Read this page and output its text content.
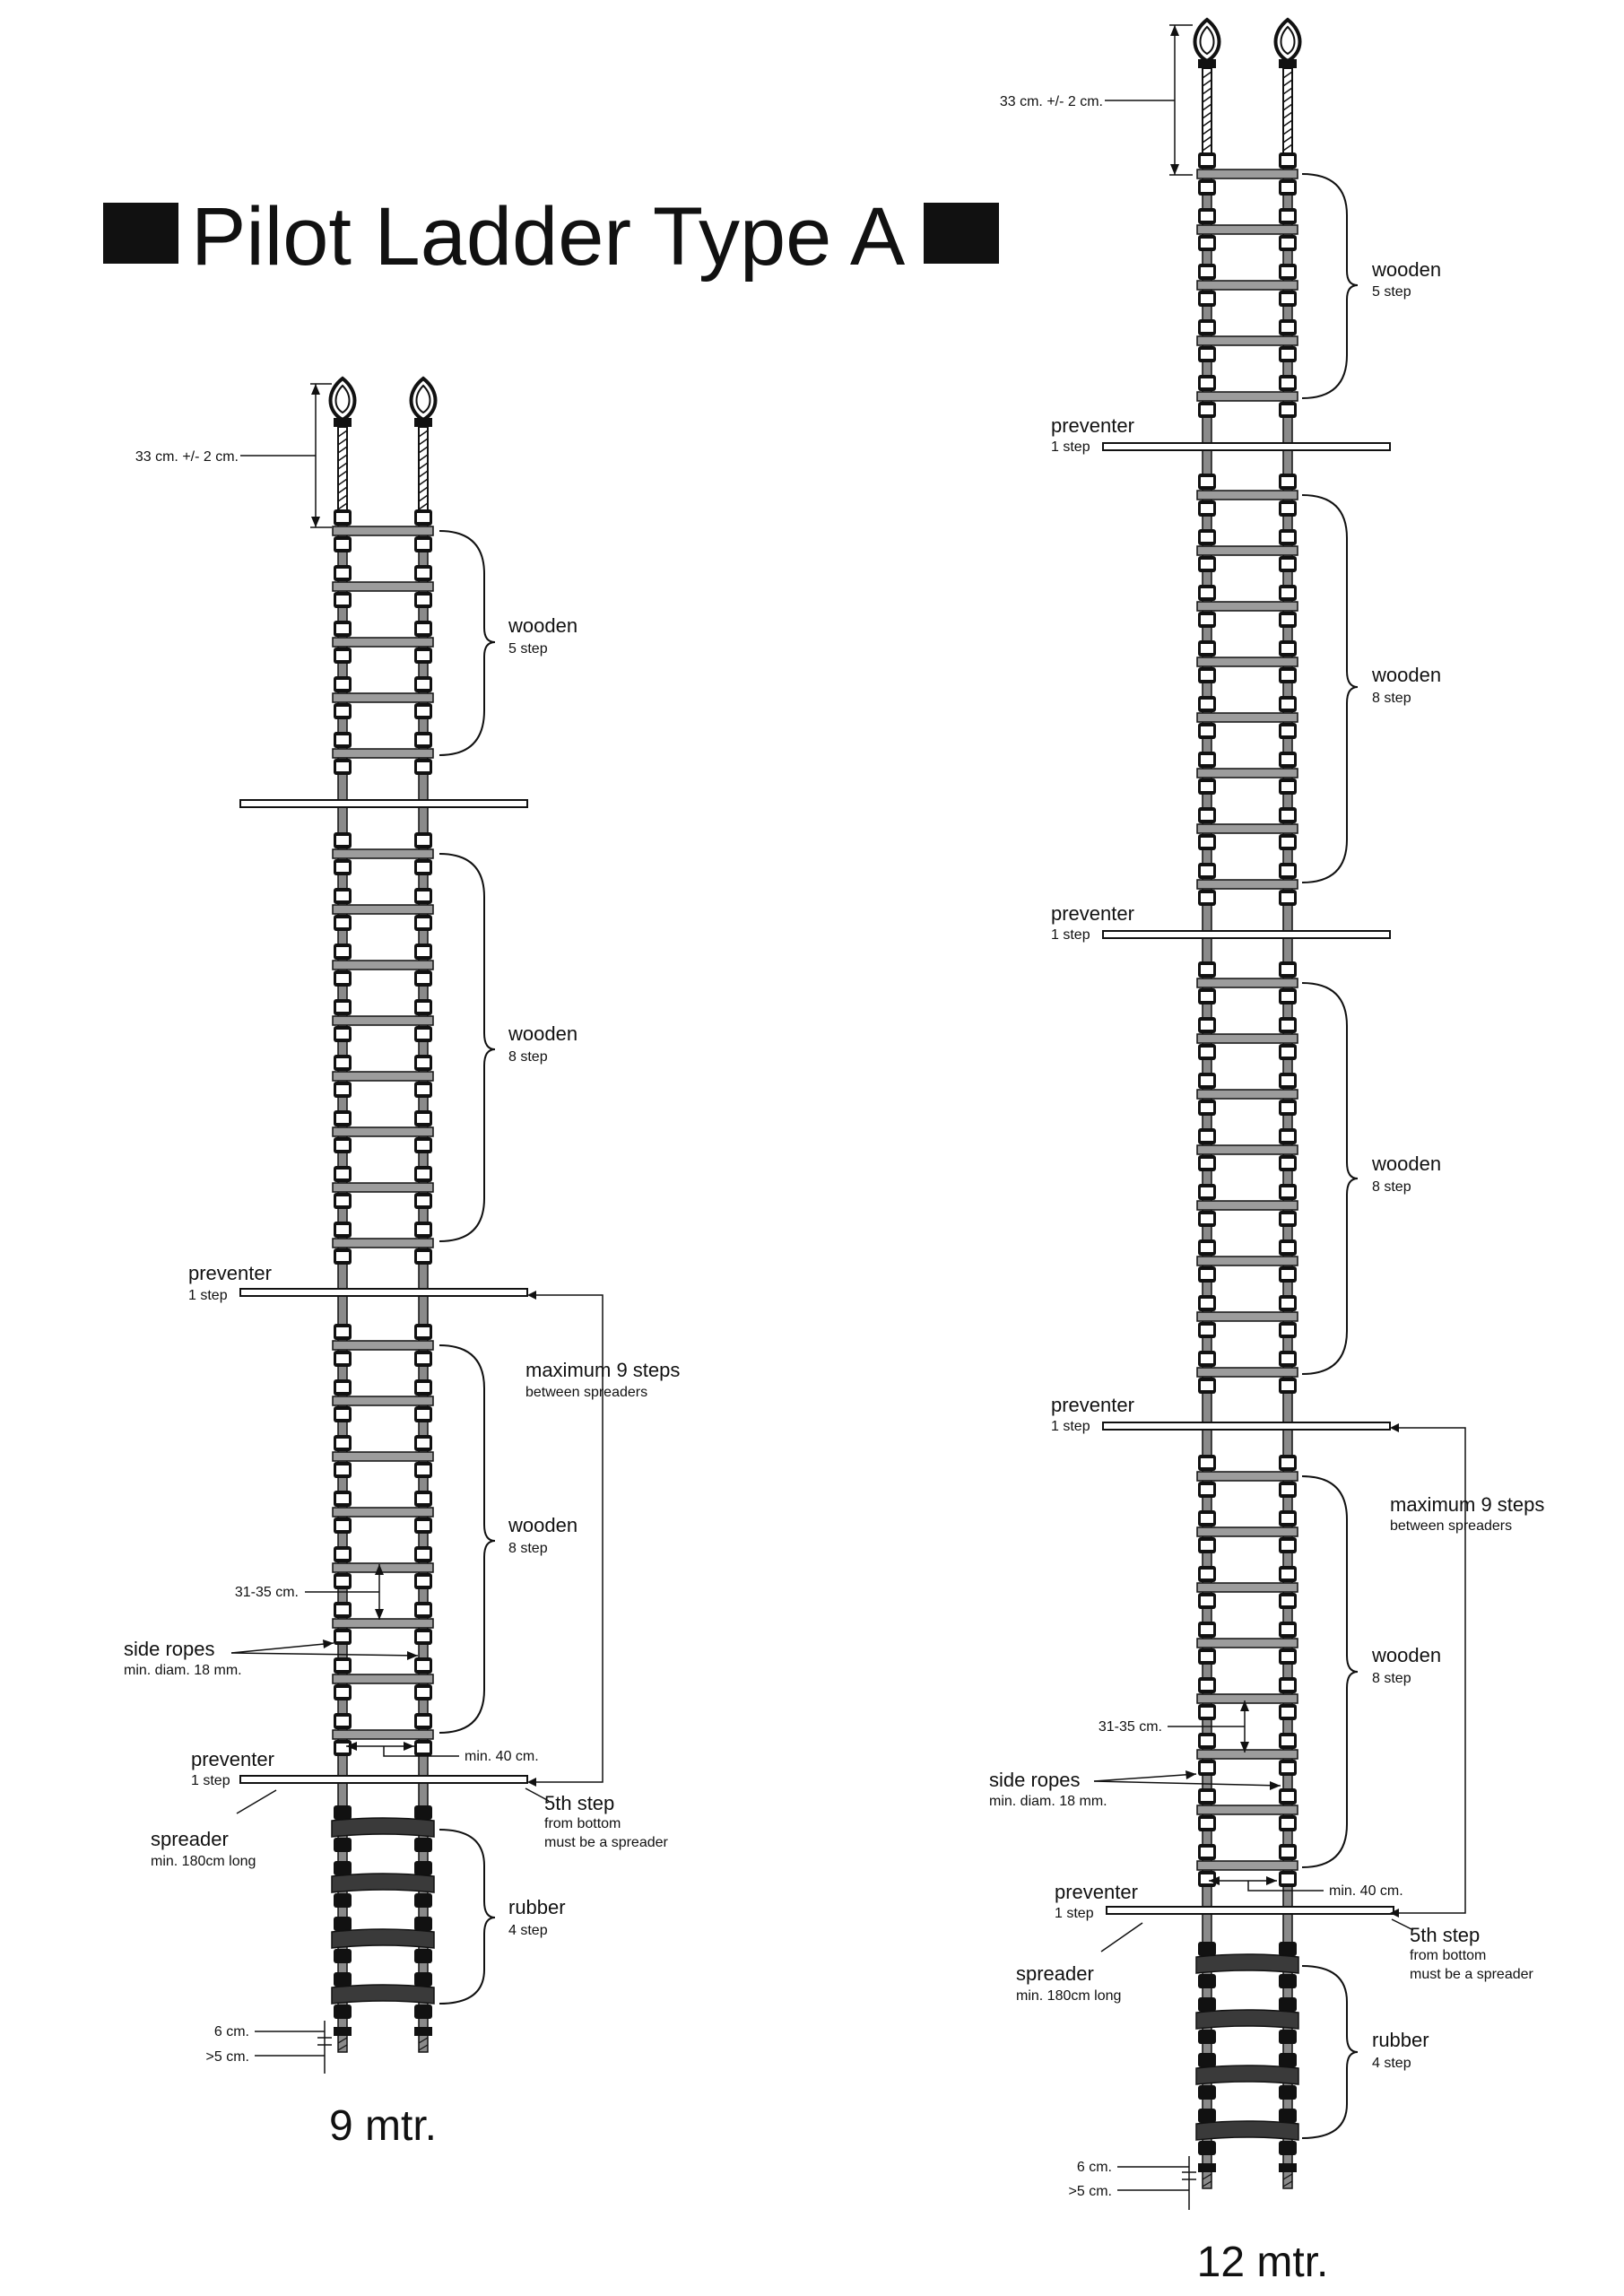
Pilot Ladder Type A
33 cm. +/- 2 cm.
wooden
5 step
wooden
8 step
wooden
8 step
rubber
4 step
preventer
1 step
preventer
1 step
maximum 9 steps
between spreaders
31-35 cm.
side ropes
min. diam. 18 mm.
min. 40 cm.
5th step
from bottom
must be a spreader
spreader
min. 180cm long
6 cm.
>5 cm.
9 mtr.
33 cm. +/- 2 cm.
wooden
5 step
wooden
8 step
wooden
8 step
wooden
8 step
rubber
4 step
preventer
1 step
preventer
1 step
preventer
1 step
preventer
1 step
maximum 9 steps
between spreaders
31-35 cm.
side ropes
min. diam. 18 mm.
min. 40 cm.
5th step
from bottom
must be a spreader
spreader
min. 180cm long
6 cm.
>5 cm.
12 mtr.
